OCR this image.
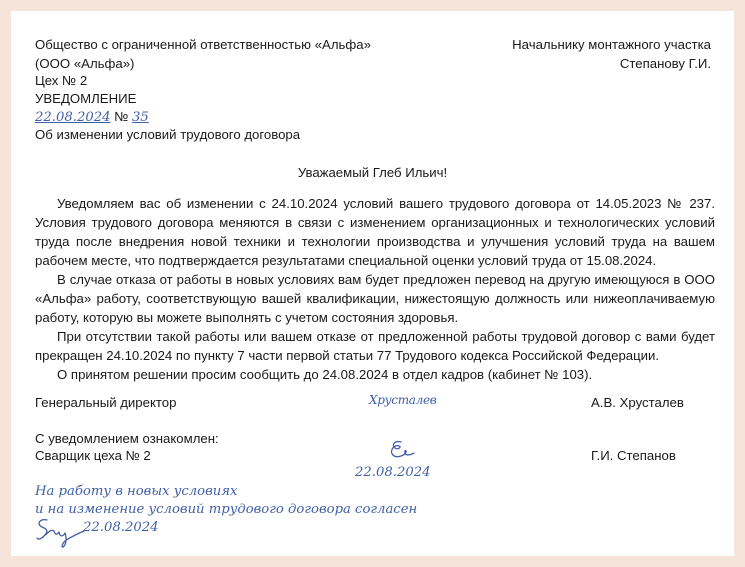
Общество с ограниченной ответственностью «Альфа»
(ООО «Альфа»)
Цех № 2
Начальнику монтажного участка
Степанову Г.И.
УВЕДОМЛЕНИЕ
22.08.2024 № 35
Об изменении условий трудового договора
Уважаемый Глеб Ильич!

Уведомляем вас об изменении с 24.10.2024 условий вашего трудового договора от 14.05.2023 № 237. Условия трудового договора меняются в связи с изменением организационных и технологических условий труда после внедрения новой техники и технологии производства и улучшения условий труда на вашем рабочем месте, что подтверждается результатами специальной оценки условий труда от 15.08.2024.

В случае отказа от работы в новых условиях вам будет предложен перевод на другую имеющуюся в ООО «Альфа» работу, соответствующую вашей квалификации, нижестоящую должность или нижеоплачиваемую работу, которую вы можете выполнять с учетом состояния здоровья.

При отсутствии такой работы или вашем отказе от предложенной работы трудовой договор с вами будет прекращен 24.10.2024 по пункту 7 части первой статьи 77 Трудового кодекса Российской Федерации.

О принятом решении просим сообщить до 24.08.2024 в отдел кадров (кабинет № 103).

Генеральный директор	Хрусталев	А.В. Хрусталев
С уведомлением ознакомлен:
Сварщик цеха № 2
22.08.2024
Г.И. Степанов
На работу в новых условиях
и на изменение условий трудового договора согласен
22.08.2024
